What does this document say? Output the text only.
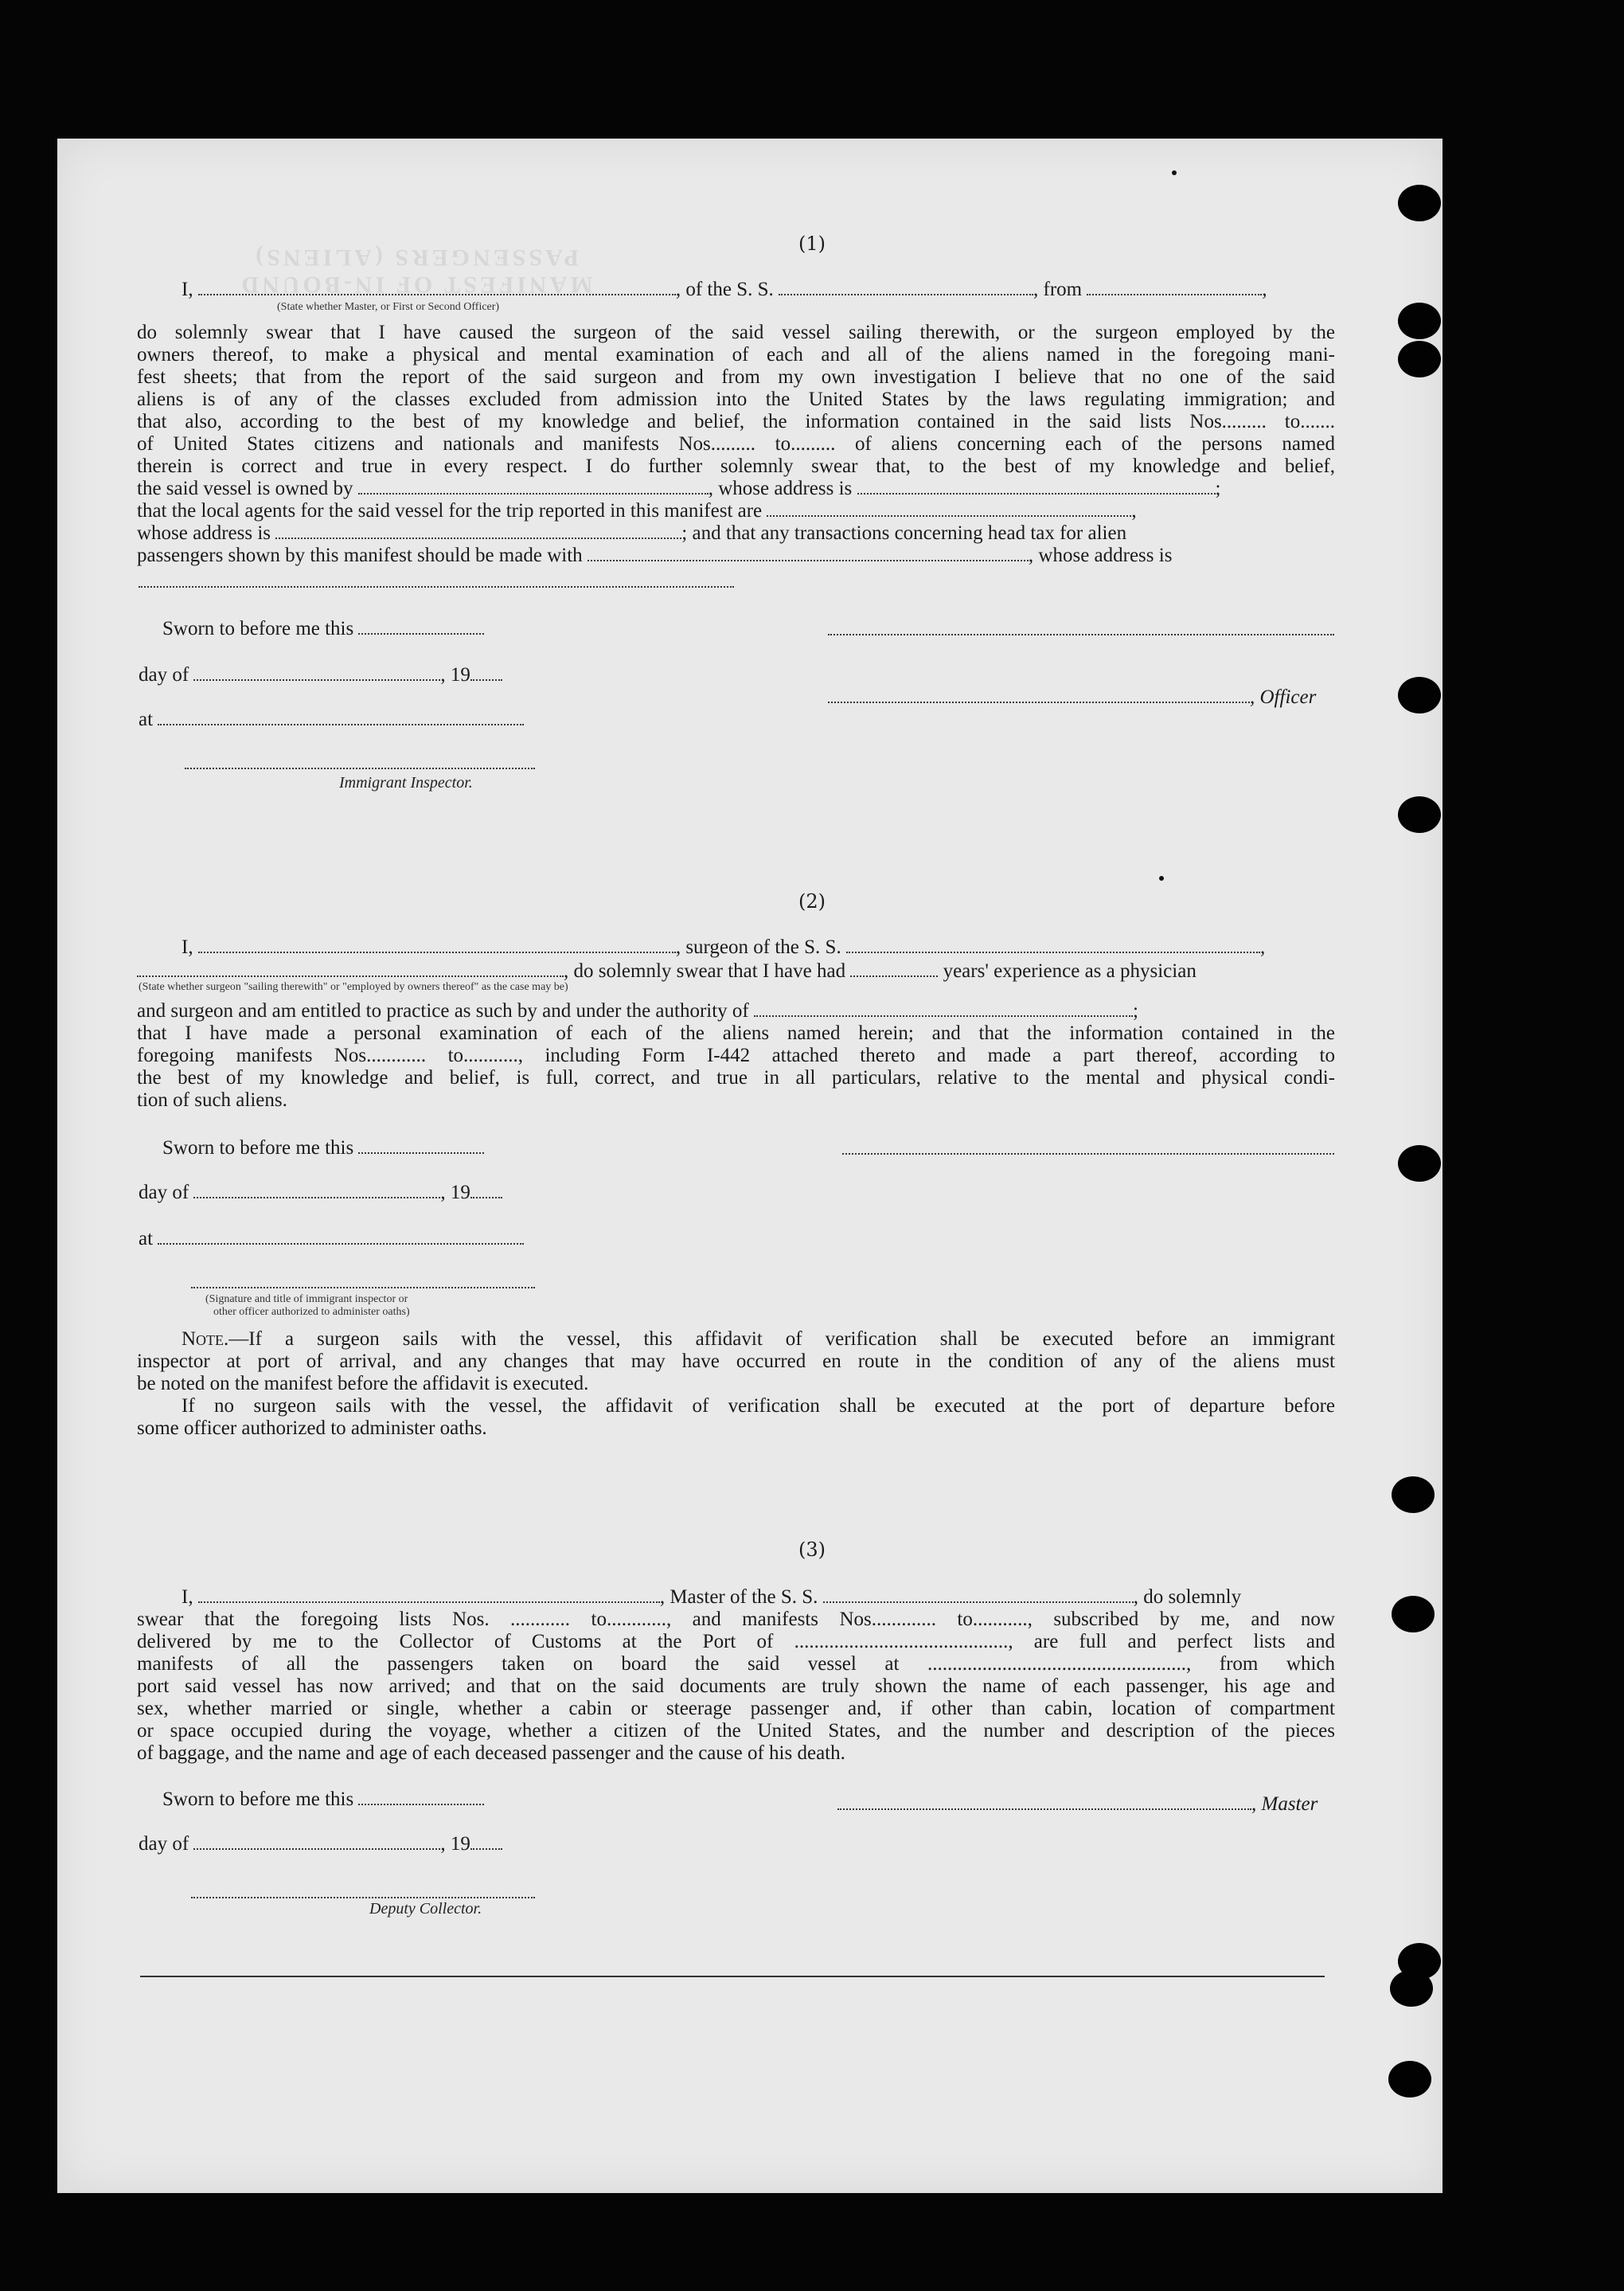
MANIFEST OF IN-BOUND PASSENGERS (ALIENS)
(1)
I,	, of the S. S.	, from	,
(State whether Master, or First or Second Officer)
do solemnly swear that I have caused the surgeon of the said vessel sailing therewith, or the surgeon employed by the
owners thereof, to make a physical and mental examination of each and all of the aliens named in the foregoing mani-
fest sheets; that from the report of the said surgeon and from my own investigation I believe that no one of the said
aliens is of any of the classes excluded from admission into the United States by the laws regulating immigration; and
that also, according to the best of my knowledge and belief, the information contained in the said lists Nos......... to.......
of United States citizens and nationals and manifests Nos......... to......... of aliens concerning each of the persons named
therein is correct and true in every respect. I do further solemnly swear that, to the best of my knowledge and belief,
the said vessel is owned by	, whose address is	;
that the local agents for the said vessel for the trip reported in this manifest are	,
whose address is	; and that any transactions concerning head tax for alien
passengers shown by this manifest should be made with	, whose address is
Sworn to before me this
day of	, 19
, Officer
at
Immigrant Inspector.
(2)
I,	, surgeon of the S. S.	,
, do solemnly swear that I have had	years' experience as a physician
(State whether surgeon "sailing therewith" or "employed by owners thereof" as the case may be)
and surgeon and am entitled to practice as such by and under the authority of	;
that I have made a personal examination of each of the aliens named herein; and that the information contained in the
foregoing manifests Nos............ to..........., including Form I-442 attached thereto and made a part thereof, according to
the best of my knowledge and belief, is full, correct, and true in all particulars, relative to the mental and physical condi-
tion of such aliens.
Sworn to before me this
day of	, 19
at
(Signature and title of immigrant inspector or
other officer authorized to administer oaths)
Note.—If a surgeon sails with the vessel, this affidavit of verification shall be executed before an immigrant
inspector at port of arrival, and any changes that may have occurred en route in the condition of any of the aliens must
be noted on the manifest before the affidavit is executed.
If no surgeon sails with the vessel, the affidavit of verification shall be executed at the port of departure before
some officer authorized to administer oaths.
(3)
I,	, Master of the S. S.	, do solemnly
swear that the foregoing lists Nos. ............ to............, and manifests Nos............. to..........., subscribed by me, and now
delivered by me to the Collector of Customs at the Port of ..........................................., are full and perfect lists and
manifests of all the passengers taken on board the said vessel at ...................................................., from which
port said vessel has now arrived; and that on the said documents are truly shown the name of each passenger, his age and
sex, whether married or single, whether a cabin or steerage passenger and, if other than cabin, location of compartment
or space occupied during the voyage, whether a citizen of the United States, and the number and description of the pieces
of baggage, and the name and age of each deceased passenger and the cause of his death.
Sworn to before me this	, Master
day of	, 19
Deputy Collector.
